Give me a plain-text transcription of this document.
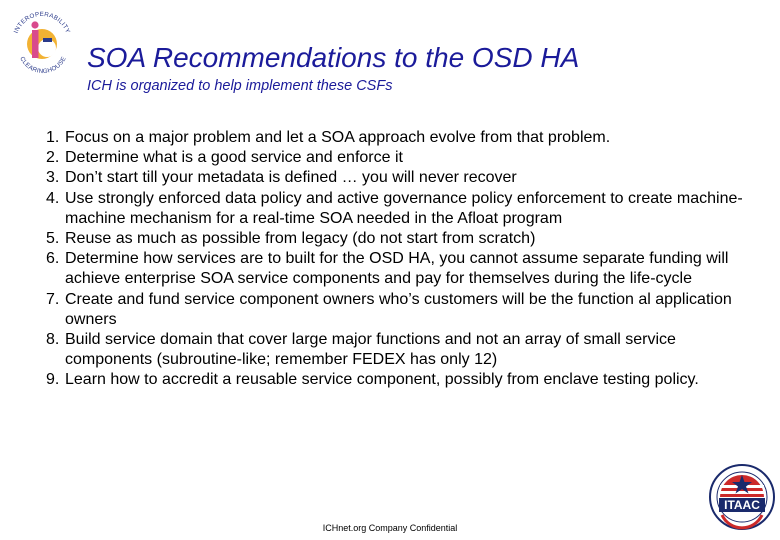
INTEROPERABILITY
CLEARINGHOUSE SOA Recommendations to the OSD HA
ICH is organized to help implement these CSFs
1. Focus on a major problem and let a SOA approach evolve from that problem.
2. Determine what is a good service and enforce it
3. Don’t start till your metadata is defined … you will never recover
4. Use strongly enforced data policy and active governance policy enforcement to create machine-machine mechanism for a real-time SOA needed in the Afloat program
5. Reuse as much as possible from legacy (do not start from scratch)
6. Determine how services are to built for the OSD HA, you cannot assume separate funding will achieve enterprise SOA service components and pay for themselves during the life-cycle
7. Create and fund service component owners who’s customers will be the function al application owners
8. Build service domain that cover large major functions and not an array of small service components (subroutine-like; remember FEDEX has only 12)
9. Learn how to accredit a reusable service component, possibly from enclave testing policy.
ICHnet.org Company Confidential
ITAAC
